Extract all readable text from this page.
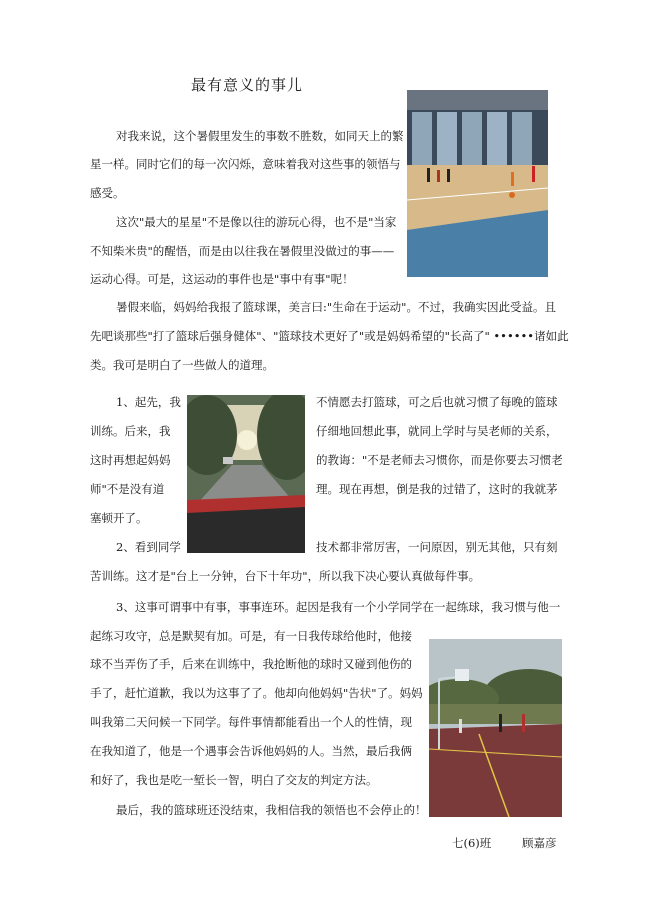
最有意义的事儿
对我来说，这个暑假里发生的事数不胜数，如同天上的繁
星一样。同时它们的每一次闪烁，意味着我对这些事的领悟与
感受。
这次"最大的星星"不是像以往的游玩心得，也不是"当家
不知柴米贵"的醒悟，而是由以往我在暑假里没做过的事——
运动心得。可是，这运动的事件也是"事中有事"呢！
暑假来临，妈妈给我报了篮球课，美言曰:"生命在于运动"。不过，我确实因此受益。且
先吧谈那些"打了篮球后强身健体"、"篮球技术更好了"或是妈妈希望的"长高了" ••••••诸如此
类。我可是明白了一些做人的道理。
1、起先，我	不情愿去打篮球，可之后也就习惯了每晚的篮球
训练。后来，我	仔细地回想此事，就同上学时与吴老师的关系，
这时再想起妈妈	的教诲："不是老师去习惯你，而是你要去习惯老
师"不是没有道	理。现在再想，倒是我的过错了，这时的我就茅
塞顿开了。
2、看到同学	技术都非常厉害，一问原因，别无其他，只有刻
苦训练。这才是"台上一分钟，台下十年功"，所以我下决心要认真做每件事。
3、这事可谓事中有事，事事连环。起因是我有一个小学同学在一起练球，我习惯与他一
起练习攻守，总是默契有加。可是，有一日我传球给他时，他接
球不当弄伤了手，后来在训练中，我抢断他的球时又碰到他伤的
手了，赶忙道歉，我以为这事了了。他却向他妈妈"告状"了。妈妈
叫我第二天问候一下同学。每件事情都能看出一个人的性情，现
在我知道了，他是一个遇事会告诉他妈妈的人。当然，最后我俩
和好了，我也是吃一堑长一智，明白了交友的判定方法。
最后，我的篮球班还没结束，我相信我的领悟也不会停止的！
七(6)班	顾嘉彦
